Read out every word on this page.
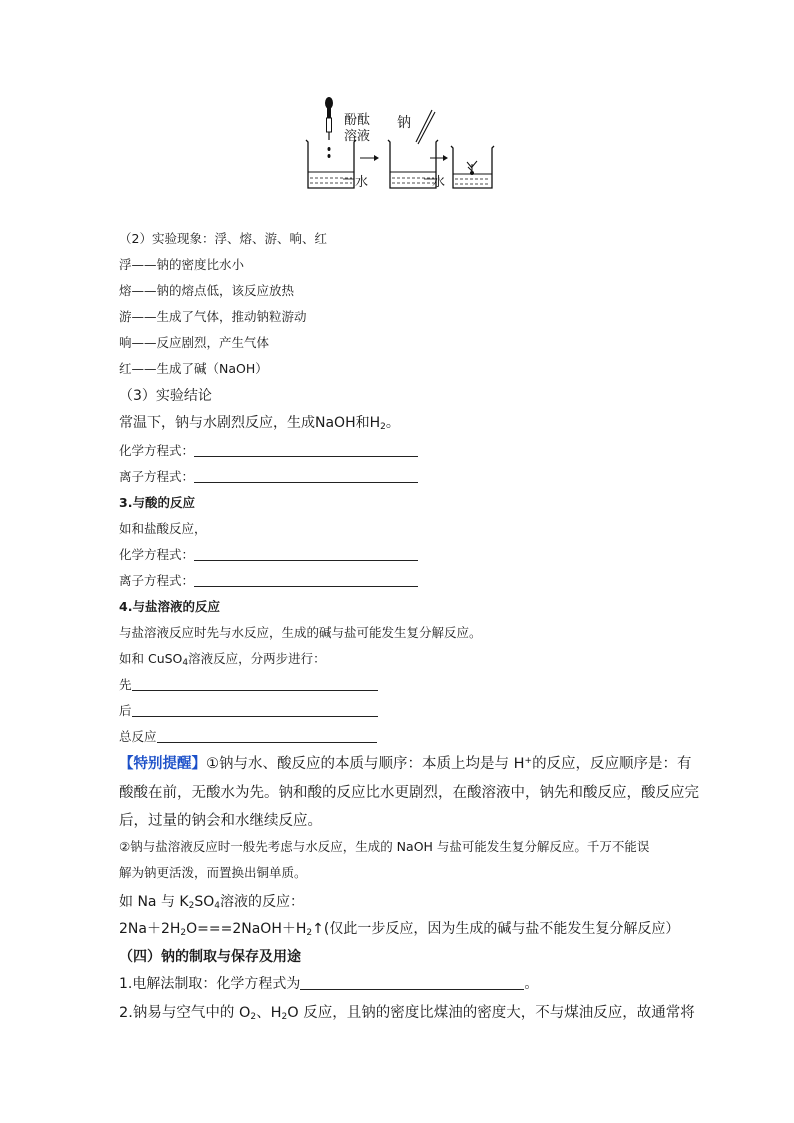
酚酞
溶液
水
钠
水
（2）实验现象：浮、熔、游、响、红
浮——钠的密度比水小
熔——钠的熔点低，该反应放热
游——生成了气体，推动钠粒游动
响——反应剧烈，产生气体
红——生成了碱（NaOH）
（3）实验结论
常温下，钠与水剧烈反应，生成NaOH和$H_2$。
化学方程式：
离子方程式：
3.与酸的反应
如和盐酸反应，
化学方程式：
离子方程式：
4.与盐溶液的反应
与盐溶液反应时先与水反应，生成的碱与盐可能发生复分解反应。
如和 CuSO$_4$溶液反应，分两步进行：
先
后
总反应
【特别提醒】①钠与水、酸反应的本质与顺序：本质上均是与 H+的反应，反应顺序是：有
酸酸在前，无酸水为先。钠和酸的反应比水更剧烈，在酸溶液中，钠先和酸反应，酸反应完
后，过量的钠会和水继续反应。
②钠与盐溶液反应时一般先考虑与水反应，生成的 NaOH 与盐可能发生复分解反应。千万不能误
解为钠更活泼，而置换出铜单质。
如 Na 与 $K_2SO_4$溶液的反应：
$2Na+2H_2O===2NaOH+H_2↑$(仅此一步反应，因为生成的碱与盐不能发生复分解反应）
（四）钠的制取与保存及用途
1.电解法制取：化学方程式为	。
2.钠易与空气中的 $O_2$、$H_2O$ 反应，且钠的密度比煤油的密度大，不与煤油反应，故通常将
